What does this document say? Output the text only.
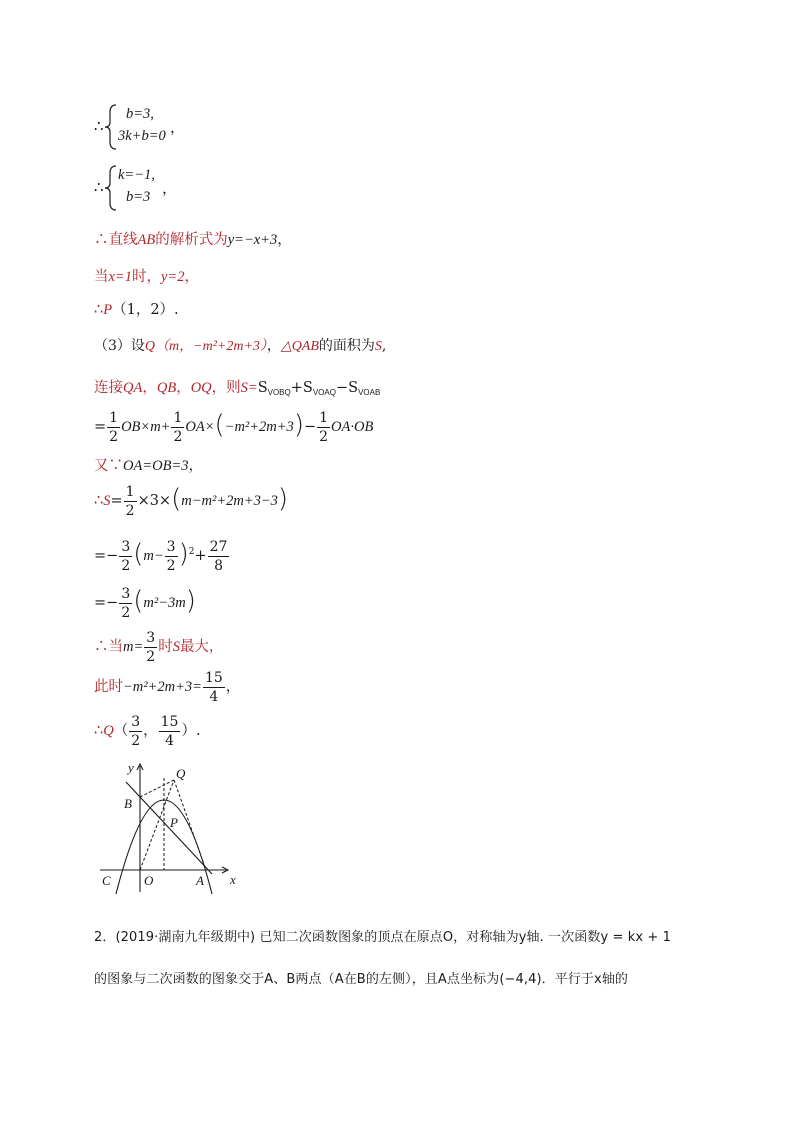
∴
b=3,
3k+b=0 ，
∴
k=−1,
b=3 ，
∴直线AB的解析式为y=−x+3，
当x=1时，y=2，
∴P（1，2）.
（3）设Q（m，−m²+2m+3），△QAB的面积为S,
连接QA，QB，OQ，则$S=S_{VOBQ}+S_{VOAQ}-S_{VOAB}$
= $\frac{1}{2} OB\times m+ \frac{1}{2} OA\times(-m^2+2m+3)- \frac{1}{2} OA\cdot OB$
又∵OA=OB=3，
∴S= $\frac{1}{2} \times 3\times(m-m^2+2m+3-3)$
=− $\frac{3}{2} (m- \frac{3}{2} )^2+ \frac{27}{8}$
=− $\frac{3}{2} (m^2-3m)$
∴当$m= \frac{3}{2}$ 时S最大，
此时$-m^2+2m+3= \frac{15}{4}$ ，
∴Q（ $\frac{3}{2}$ ， $\frac{15}{4}$ ）.
y
x
Q
B
P
C	O	A
2．(2019·湖南九年级期中) 已知二次函数图象的顶点在原点O，对称轴为y轴. 一次函数y = kx + 1
的图象与二次函数的图象交于A、B两点（A在B的左侧），且A点坐标为(−4,4)．平行于x轴的
